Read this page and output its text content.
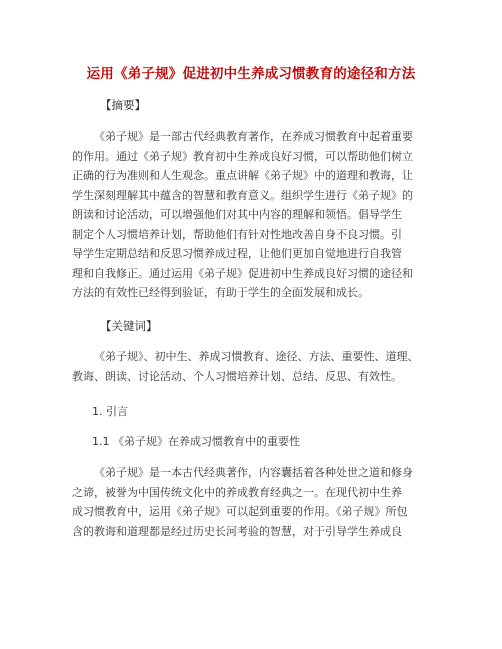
运用《弟子规》促进初中生养成习惯教育的途径和方法
【摘要】
《弟子规》是一部古代经典教育著作，在养成习惯教育中起着重要
的作用。通过《弟子规》教育初中生养成良好习惯，可以帮助他们树立
正确的行为准则和人生观念。重点讲解《弟子规》中的道理和教诲，让
学生深刻理解其中蕴含的智慧和教育意义。组织学生进行《弟子规》的
朗读和讨论活动，可以增强他们对其中内容的理解和领悟。倡导学生
制定个人习惯培养计划，帮助他们有针对性地改善自身不良习惯。引
导学生定期总结和反思习惯养成过程，让他们更加自觉地进行自我管
理和自我修正。通过运用《弟子规》促进初中生养成良好习惯的途径和
方法的有效性已经得到验证，有助于学生的全面发展和成长。
【关键词】
《弟子规》、初中生、养成习惯教育、途径、方法、重要性、道理、
教诲、朗读、讨论活动、个人习惯培养计划、总结、反思、有效性。
1. 引言
1.1 《弟子规》在养成习惯教育中的重要性
《弟子规》是一本古代经典著作，内容囊括着各种处世之道和修身
之谛，被誉为中国传统文化中的养成教育经典之一。在现代初中生养
成习惯教育中，运用《弟子规》可以起到重要的作用。《弟子规》所包
含的教诲和道理都是经过历史长河考验的智慧，对于引导学生养成良
